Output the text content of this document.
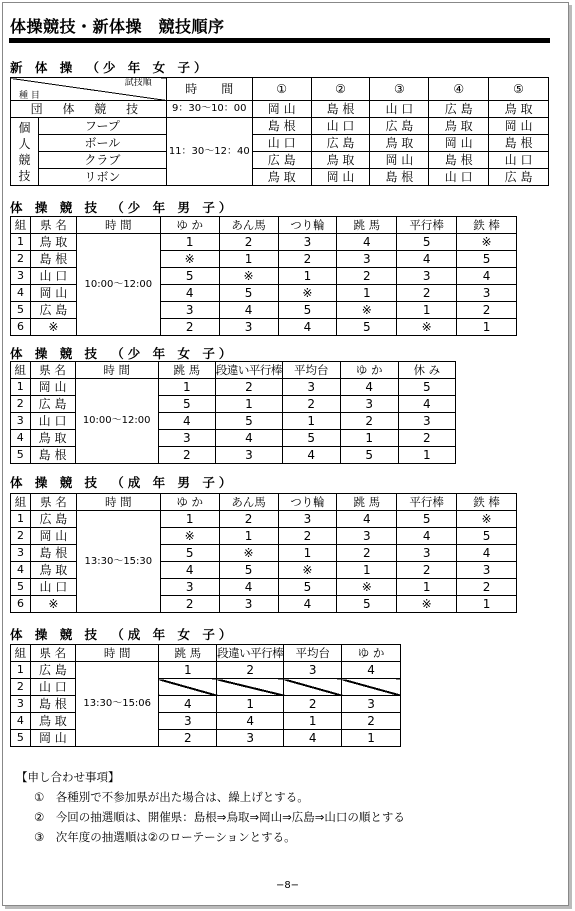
体操競技・新体操　競技順序
新 体 操　（少 年 女 子）
試技順
種 目		時　　間	①	②	③	④	⑤
団 体 競 技		9：30〜10：00	岡 山	島 根	山 口	広 島	鳥 取
個人競技	フープ	11：30〜12：40	島 根	山 口	広 島	鳥 取	岡 山
	ボール		山 口	広 島	鳥 取	岡 山	島 根
	クラブ		広 島	鳥 取	岡 山	島 根	山 口
	リボン		鳥 取	岡 山	島 根	山 口	広 島
体 操 競 技　（少 年 男 子）
組	県 名	時 間	ゆ か	あん馬	つり輪	跳 馬	平行棒	鉄 棒
1	鳥 取	10:00〜12:00	1	2	3	4	5	※
2	島 根		※	1	2	3	4	5
3	山 口		5	※	1	2	3	4
4	岡 山		4	5	※	1	2	3
5	広 島		3	4	5	※	1	2
6	※		2	3	4	5	※	1
体 操 競 技　（少 年 女 子）
組	県 名	時 間	跳 馬	段違い平行棒	平均台	ゆ か	休 み
1	岡 山	10:00〜12:00	1	2	3	4	5
2	広 島		5	1	2	3	4
3	山 口		4	5	1	2	3
4	鳥 取		3	4	5	1	2
5	島 根		2	3	4	5	1
体 操 競 技　（成 年 男 子）
組	県 名	時 間	ゆ か	あん馬	つり輪	跳 馬	平行棒	鉄 棒
1	広 島	13:30〜15:30	1	2	3	4	5	※
2	岡 山		※	1	2	3	4	5
3	島 根		5	※	1	2	3	4
4	鳥 取		4	5	※	1	2	3
5	山 口		3	4	5	※	1	2
6	※		2	3	4	5	※	1
体 操 競 技　（成 年 女 子）
組	県 名	時 間	跳 馬	段違い平行棒	平均台	ゆ か
1	広 島	13:30〜15:06	1	2	3	4
2	山 口					
3	島 根		4	1	2	3
4	鳥 取		3	4	1	2
5	岡 山		2	3	4	1
【申し合わせ事項】
①　各種別で不参加県が出た場合は、繰上げとする。
②　今回の抽選順は、開催県：島根⇒鳥取⇒岡山⇒広島⇒山口の順とする
③　次年度の抽選順は②のローテーションとする。
−8−
